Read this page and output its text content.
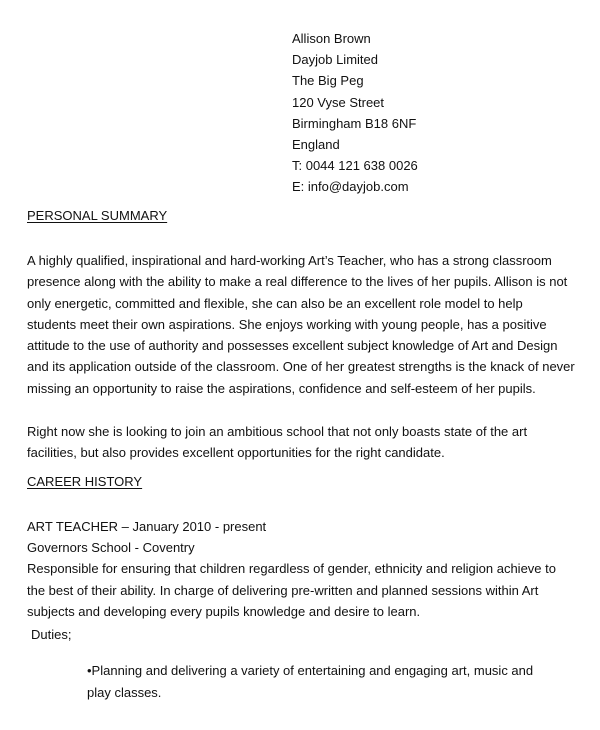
Allison Brown
Dayjob Limited
The Big Peg
120 Vyse Street
Birmingham B18 6NF
England
T: 0044 121 638 0026
E: info@dayjob.com
PERSONAL SUMMARY

A highly qualified, inspirational and hard-working Art’s Teacher, who has a strong classroom presence along with the ability to make a real difference to the lives of her pupils. Allison is not only energetic, committed and flexible, she can also be an excellent role model to help students meet their own aspirations. She enjoys working with young people, has a positive attitude to the use of authority and possesses excellent subject knowledge of Art and Design and its application outside of the classroom. One of her greatest strengths is the knack of never missing an opportunity to raise the aspirations, confidence and self-esteem of her pupils.

Right now she is looking to join an ambitious school that not only boasts state of the art facilities, but also provides excellent opportunities for the right candidate.

CAREER HISTORY
ART TEACHER – January 2010 - present
Governors School - Coventry
Responsible for ensuring that children regardless of gender, ethnicity and religion achieve to the best of their ability. In charge of delivering pre-written and planned sessions within Art subjects and developing every pupils knowledge and desire to learn.
Duties;

•Planning and delivering a variety of entertaining and engaging art, music and play classes.
